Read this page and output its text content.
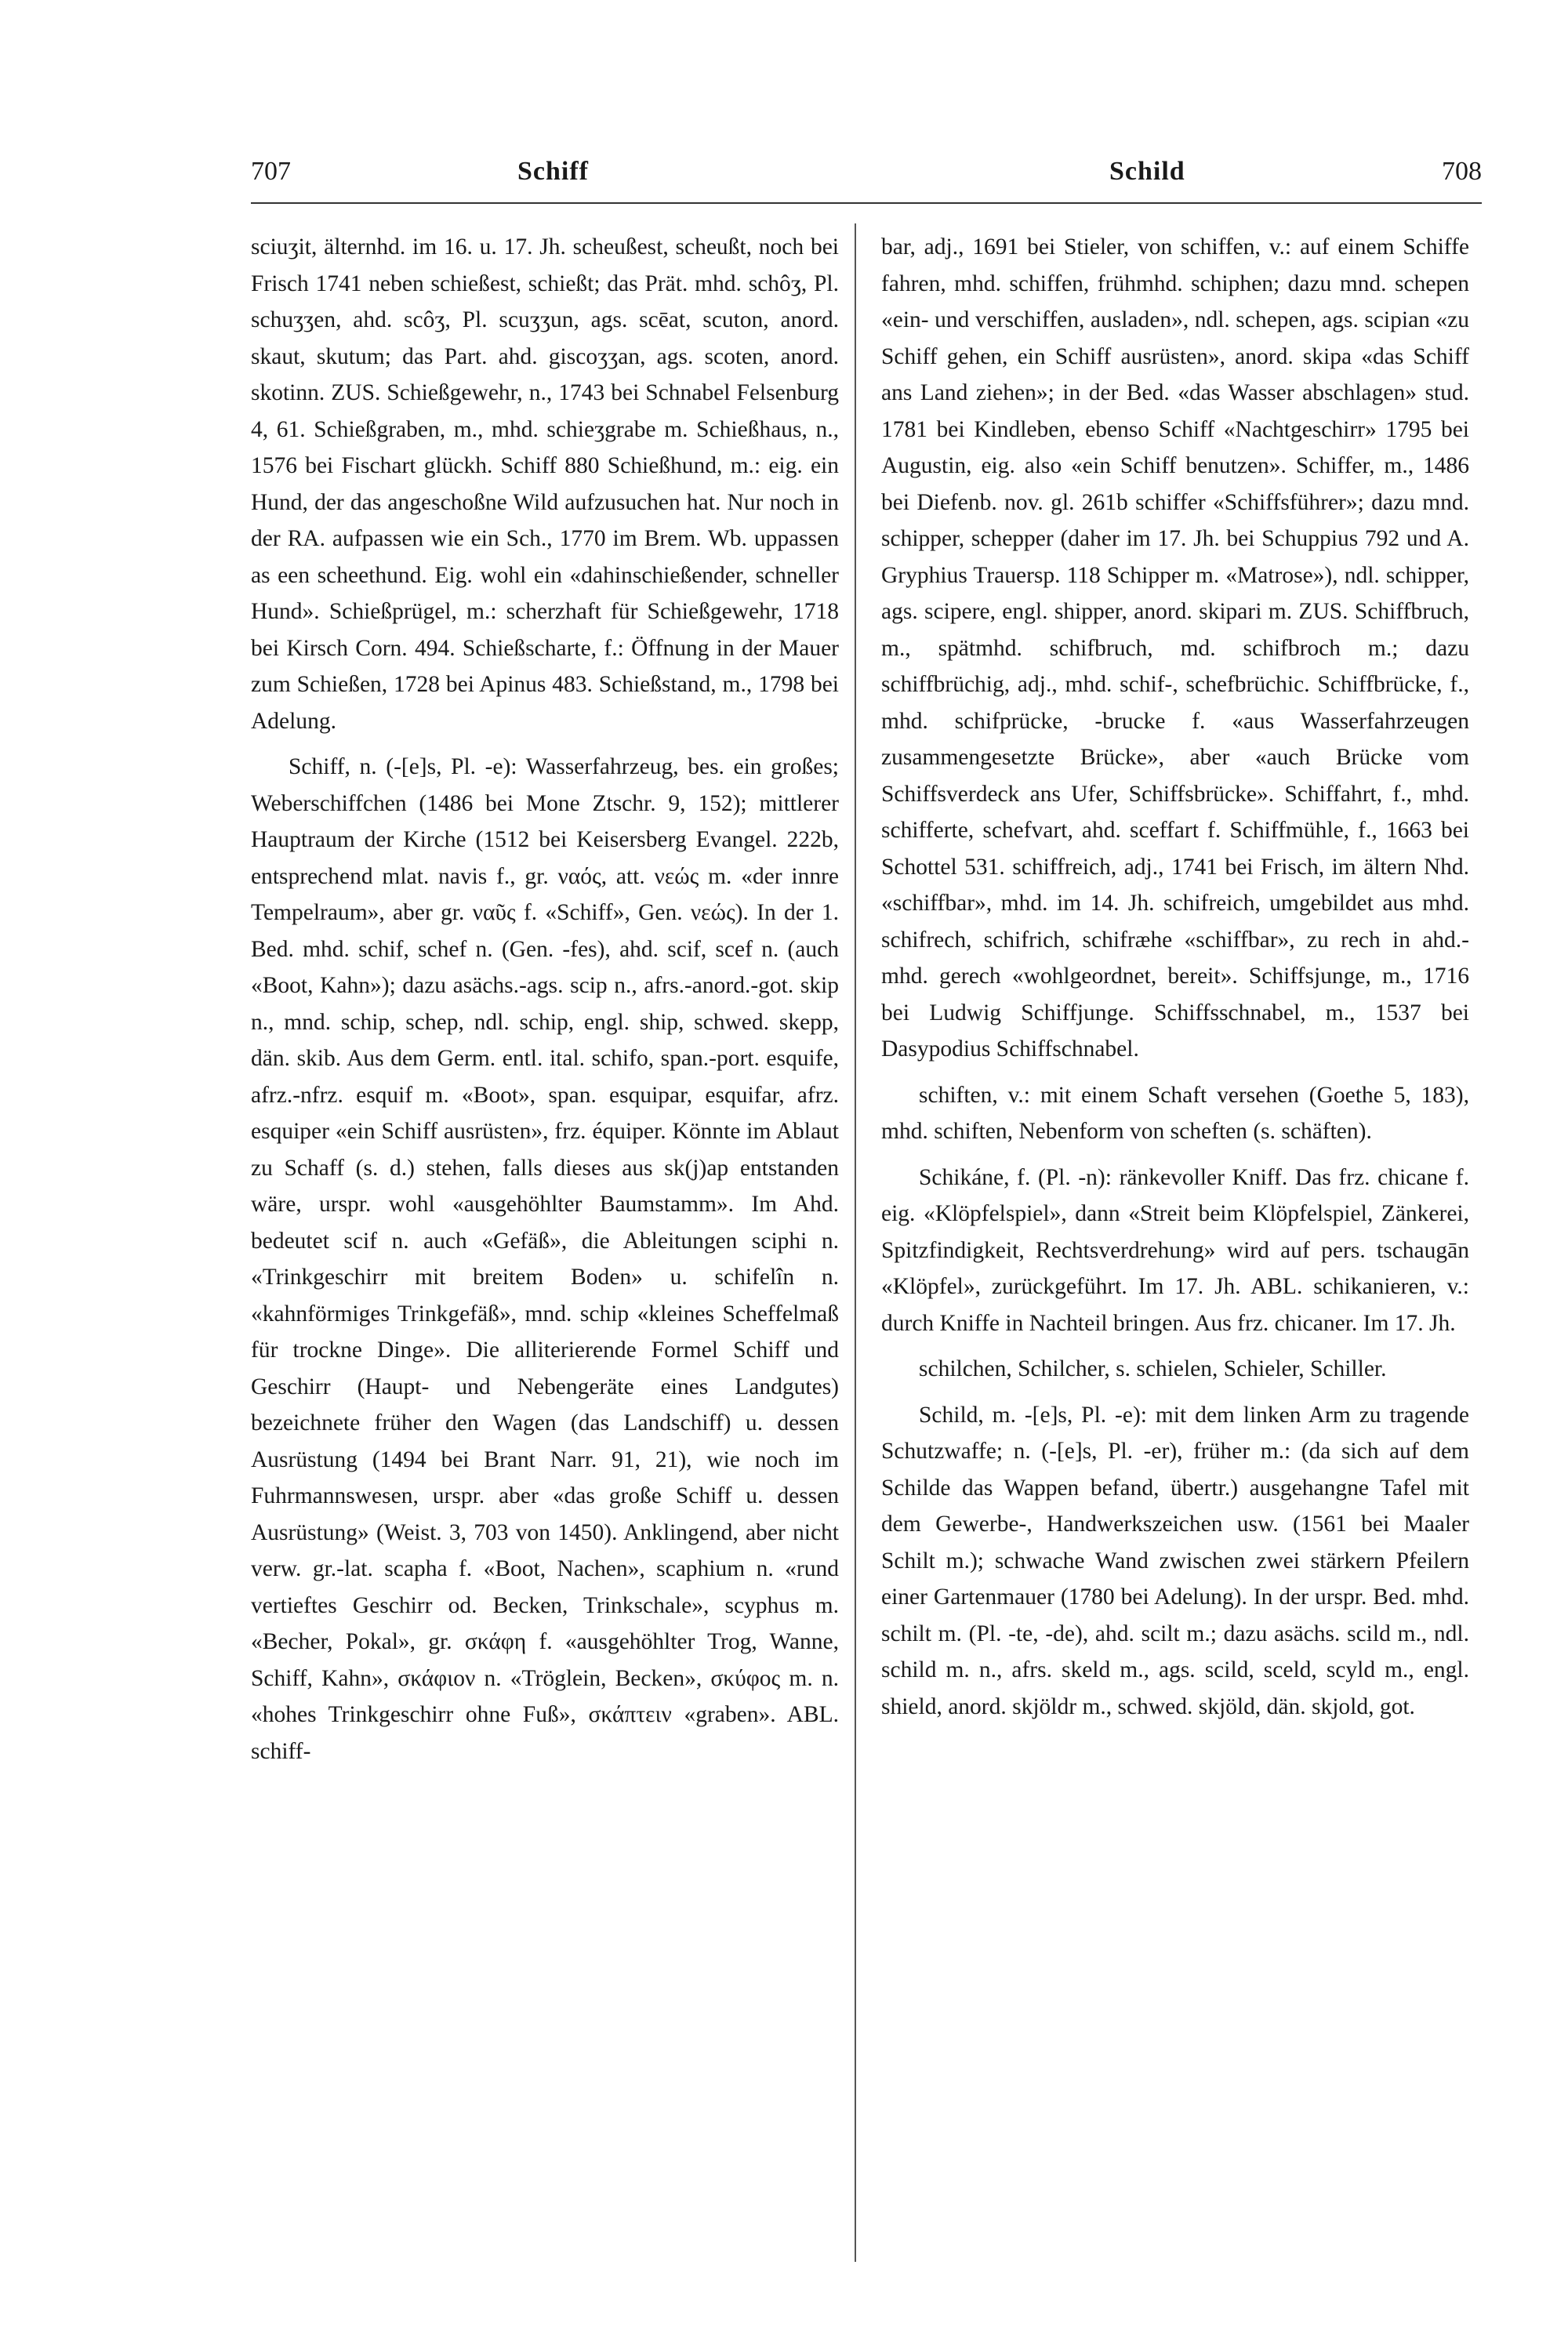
707	Schiff	Schild	708

sciuʒit, älternhd. im 16. u. 17. Jh. scheußest, scheußt, noch bei Frisch 1741 neben schießest, schießt; das Prät. mhd. schôʒ, Pl. schuʒʒen, ahd. scôʒ, Pl. scuʒʒun, ags. scēat, scuton, anord. skaut, skutum; das Part. ahd. giscoʒʒan, ags. scoten, anord. skotinn. ZUS. Schießgewehr, n., 1743 bei Schnabel Felsenburg 4, 61. Schießgraben, m., mhd. schieʒgrabe m. Schießhaus, n., 1576 bei Fischart glückh. Schiff 880 Schießhund, m.: eig. ein Hund, der das angeschoßne Wild aufzusuchen hat. Nur noch in der RA. aufpassen wie ein Sch., 1770 im Brem. Wb. uppassen as een scheethund. Eig. wohl ein «dahinschießender, schneller Hund». Schießprügel, m.: scherzhaft für Schießgewehr, 1718 bei Kirsch Corn. 494. Schießscharte, f.: Öffnung in der Mauer zum Schießen, 1728 bei Apinus 483. Schießstand, m., 1798 bei Adelung.

Schiff, n. (-[e]s, Pl. -e): Wasserfahrzeug, bes. ein großes; Weberschiffchen (1486 bei Mone Ztschr. 9, 152); mittlerer Hauptraum der Kirche (1512 bei Keisersberg Evangel. 222b, entsprechend mlat. navis f., gr. ναός, att. νεώς m. «der innre Tempelraum», aber gr. ναῦς f. «Schiff», Gen. νεώς). In der 1. Bed. mhd. schif, schef n. (Gen. -fes), ahd. scif, scef n. (auch «Boot, Kahn»); dazu asächs.-ags. scip n., afrs.-anord.-got. skip n., mnd. schip, schep, ndl. schip, engl. ship, schwed. skepp, dän. skib. Aus dem Germ. entl. ital. schifo, span.-port. esquife, afrz.-nfrz. esquif m. «Boot», span. esquipar, esquifar, afrz. esquiper «ein Schiff ausrüsten», frz. équiper. Könnte im Ablaut zu Schaff (s. d.) stehen, falls dieses aus sk(j)ap entstanden wäre, urspr. wohl «ausgehöhlter Baumstamm». Im Ahd. bedeutet scif n. auch «Gefäß», die Ableitungen sciphi n. «Trinkgeschirr mit breitem Boden» u. schifelîn n. «kahnförmiges Trinkgefäß», mnd. schip «kleines Scheffelmaß für trockne Dinge». Die alliterierende Formel Schiff und Geschirr (Haupt- und Nebengeräte eines Landgutes) bezeichnete früher den Wagen (das Landschiff) u. dessen Ausrüstung (1494 bei Brant Narr. 91, 21), wie noch im Fuhrmannswesen, urspr. aber «das große Schiff u. dessen Ausrüstung» (Weist. 3, 703 von 1450). Anklingend, aber nicht verw. gr.-lat. scapha f. «Boot, Nachen», scaphium n. «rund vertieftes Geschirr od. Becken, Trinkschale», scyphus m. «Becher, Pokal», gr. σκάφη f. «ausgehöhlter Trog, Wanne, Schiff, Kahn», σκάφιον n. «Tröglein, Becken», σκύφος m. n. «hohes Trinkgeschirr ohne Fuß», σκάπτειν «graben». ABL. schiff-

bar, adj., 1691 bei Stieler, von schiffen, v.: auf einem Schiffe fahren, mhd. schiffen, frühmhd. schiphen; dazu mnd. schepen «ein- und verschiffen, ausladen», ndl. schepen, ags. scipian «zu Schiff gehen, ein Schiff ausrüsten», anord. skipa «das Schiff ans Land ziehen»; in der Bed. «das Wasser abschlagen» stud. 1781 bei Kindleben, ebenso Schiff «Nachtgeschirr» 1795 bei Augustin, eig. also «ein Schiff benutzen». Schiffer, m., 1486 bei Diefenb. nov. gl. 261b schiffer «Schiffsführer»; dazu mnd. schipper, schepper (daher im 17. Jh. bei Schuppius 792 und A. Gryphius Trauersp. 118 Schipper m. «Matrose»), ndl. schipper, ags. scipere, engl. shipper, anord. skipari m. ZUS. Schiffbruch, m., spätmhd. schifbruch, md. schifbroch m.; dazu schiffbrüchig, adj., mhd. schif-, schefbrüchic. Schiffbrücke, f., mhd. schifprücke, -brucke f. «aus Wasserfahrzeugen zusammengesetzte Brücke», aber «auch Brücke vom Schiffsverdeck ans Ufer, Schiffsbrücke». Schiffahrt, f., mhd. schifferte, schefvart, ahd. sceffart f. Schiffmühle, f., 1663 bei Schottel 531. schiffreich, adj., 1741 bei Frisch, im ältern Nhd. «schiffbar», mhd. im 14. Jh. schifreich, umgebildet aus mhd. schifrech, schifrich, schifræhe «schiffbar», zu rech in ahd.-mhd. gerech «wohlgeordnet, bereit». Schiffsjunge, m., 1716 bei Ludwig Schiffjunge. Schiffsschnabel, m., 1537 bei Dasypodius Schiffschnabel.

schiften, v.: mit einem Schaft versehen (Goethe 5, 183), mhd. schiften, Nebenform von scheften (s. schäften).

Schikáne, f. (Pl. -n): ränkevoller Kniff. Das frz. chicane f. eig. «Klöpfelspiel», dann «Streit beim Klöpfelspiel, Zänkerei, Spitzfindigkeit, Rechtsverdrehung» wird auf pers. tschaugān «Klöpfel», zurückgeführt. Im 17. Jh. ABL. schikanieren, v.: durch Kniffe in Nachteil bringen. Aus frz. chicaner. Im 17. Jh.

schilchen, Schilcher, s. schielen, Schieler, Schiller.

Schild, m. -[e]s, Pl. -e): mit dem linken Arm zu tragende Schutzwaffe; n. (-[e]s, Pl. -er), früher m.: (da sich auf dem Schilde das Wappen befand, übertr.) ausgehangne Tafel mit dem Gewerbe-, Handwerkszeichen usw. (1561 bei Maaler Schilt m.); schwache Wand zwischen zwei stärkern Pfeilern einer Gartenmauer (1780 bei Adelung). In der urspr. Bed. mhd. schilt m. (Pl. -te, -de), ahd. scilt m.; dazu asächs. scild m., ndl. schild m. n., afrs. skeld m., ags. scild, sceld, scyld m., engl. shield, anord. skjöldr m., schwed. skjöld, dän. skjold, got.
